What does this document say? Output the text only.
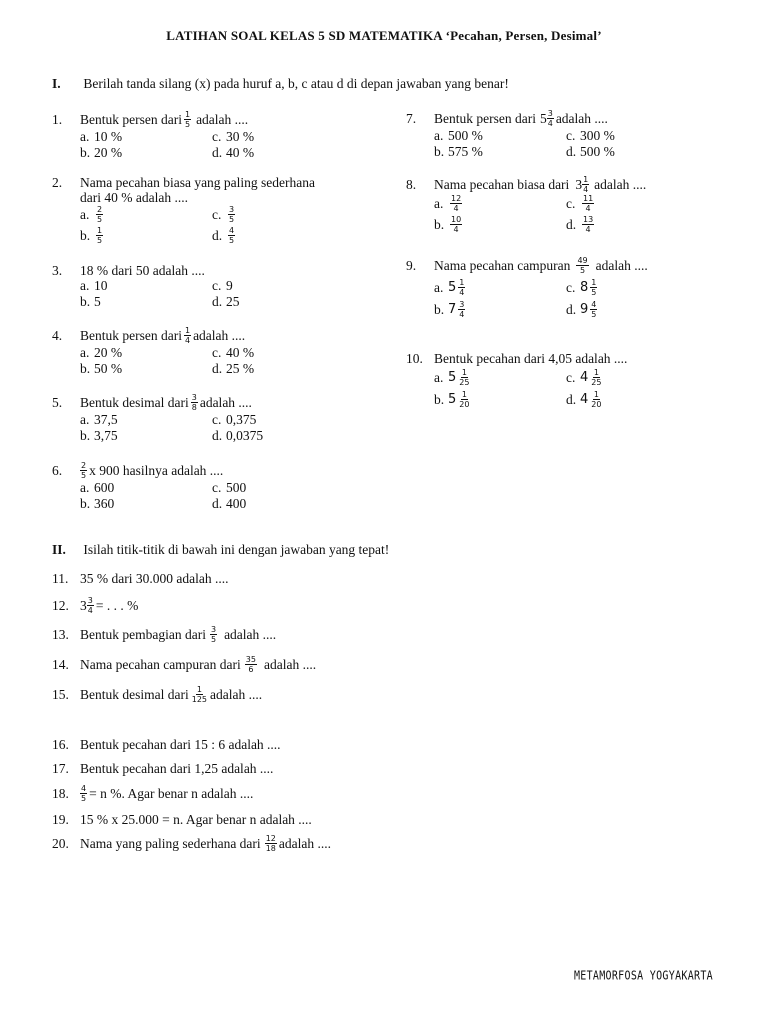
LATIHAN SOAL KELAS 5 SD MATEMATIKA ‘Pecahan, Persen, Desimal’
I. Berilah tanda silang (x) pada huruf a, b, c atau d di depan jawaban yang benar!
1.	Bentuk persen dari $\frac{1}{5}$ adalah ....
a. 10 %	c. 30 %
b. 20 %	d. 40 %
2.	Nama pecahan biasa yang paling sederhana
dari 40 % adalah ....
a. $\frac{2}{5}$	c. $\frac{3}{5}$
b. $\frac{1}{5}$	d. $\frac{4}{5}$
3.	18 % dari 50 adalah ....
a. 10	c. 9
b. 5	d. 25
4.	Bentuk persen dari $\frac{1}{4}$ adalah ....
a. 20 %	c. 40 %
b. 50 %	d. 25 %
5.	Bentuk desimal dari $\frac{3}{8}$ adalah ....
a. 37,5	c. 0,375
b. 3,75	d. 0,0375
6.	$\frac{2}{5}$ x 900 hasilnya adalah ....
a. 600	c. 500
b. 360	d. 400
7.	Bentuk persen dari $5 \frac{3}{4}$ adalah ....
a. 500 %	c. 300 %
b. 575 %	d. 500 %
8.	Nama pecahan biasa dari $3 \frac{1}{4}$ adalah ....
a. $\frac{12}{4}$	c. $\frac{11}{4}$
b. $\frac{10}{4}$	d. $\frac{13}{4}$
9.	Nama pecahan campuran $\frac{49}{5}$ adalah ....
a. $5 \frac{1}{4}$	c. $8 \frac{1}{5}$
b. $7 \frac{3}{4}$	d. $9 \frac{4}{5}$
10. Bentuk pecahan dari 4,05 adalah ....
a. $5 \frac{1}{25}$	c. $4 \frac{1}{25}$
b. $5 \frac{1}{20}$	d. $4 \frac{1}{20}$
II. Isilah titik-titik di bawah ini dengan jawaban yang tepat!
11. 35 % dari 30.000 adalah ....
12. $3 \frac{3}{4}$ = . . . %
13. Bentuk pembagian dari $\frac{3}{5}$ adalah ....
14. Nama pecahan campuran dari $\frac{35}{6}$ adalah ....
15. Bentuk desimal dari $\frac{1}{125}$ adalah ....
16. Bentuk pecahan dari 15 : 6 adalah ....
17. Bentuk pecahan dari 1,25 adalah ....
18.	$\frac{4}{5} = n$ %. Agar benar n adalah ....
19. 15 % x 25.000 = n. Agar benar n adalah ....
20. Nama yang paling sederhana dari $\frac{12}{18}$ adalah ....
METAMORFOSA YOGYAKARTA
